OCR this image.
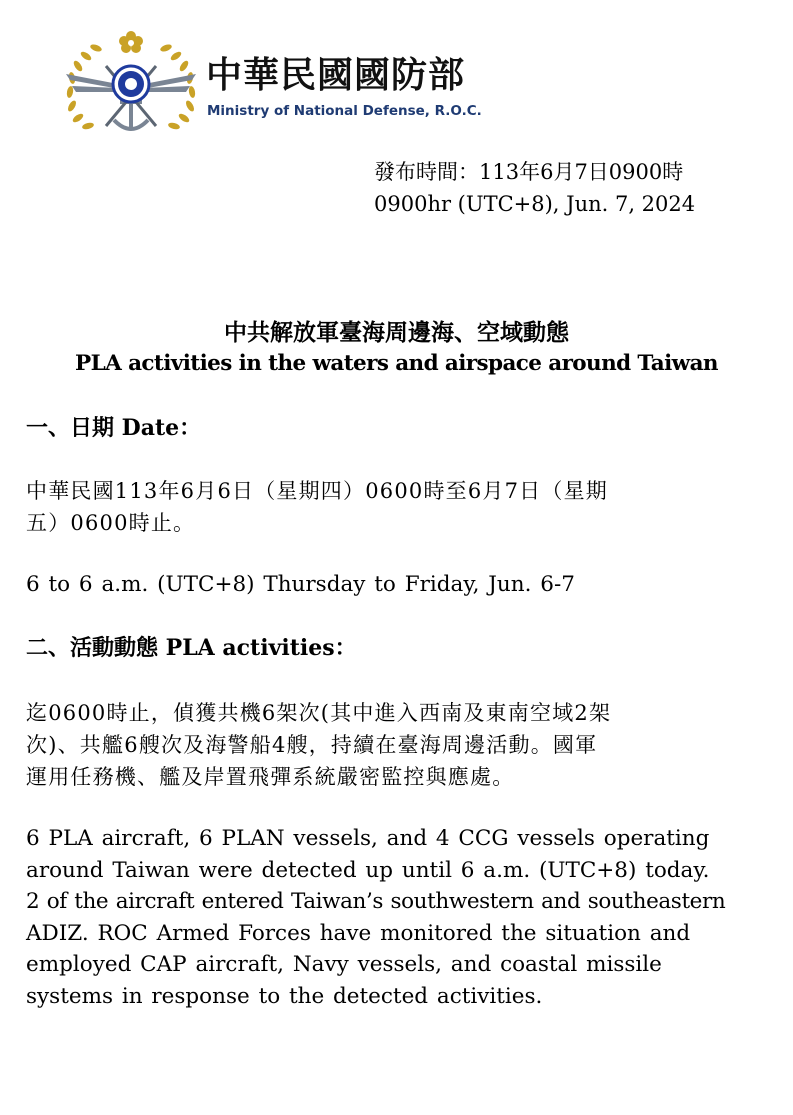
中華民國國防部
Ministry of National Defense, R.O.C.
發布時間：113年6月7日0900時
0900hr (UTC+8), Jun. 7, 2024
中共解放軍臺海周邊海、空域動態
PLA activities in the waters and airspace around Taiwan
一、日期 Date：
中華民國113年6月6日（星期四）0600時至6月7日（星期
五）0600時止。
6 to 6 a.m. (UTC+8) Thursday to Friday, Jun. 6-7
二、活動動態 PLA activities：
迄0600時止，偵獲共機6架次(其中進入西南及東南空域2架
次)、共艦6艘次及海警船4艘，持續在臺海周邊活動。國軍
運用任務機、艦及岸置飛彈系統嚴密監控與應處。
6 PLA aircraft, 6 PLAN vessels, and 4 CCG vessels operating
around Taiwan were detected up until 6 a.m. (UTC+8) today.
2 of the aircraft entered Taiwan’s southwestern and southeastern
ADIZ. ROC Armed Forces have monitored the situation and
employed CAP aircraft, Navy vessels, and coastal missile
systems in response to the detected activities.
